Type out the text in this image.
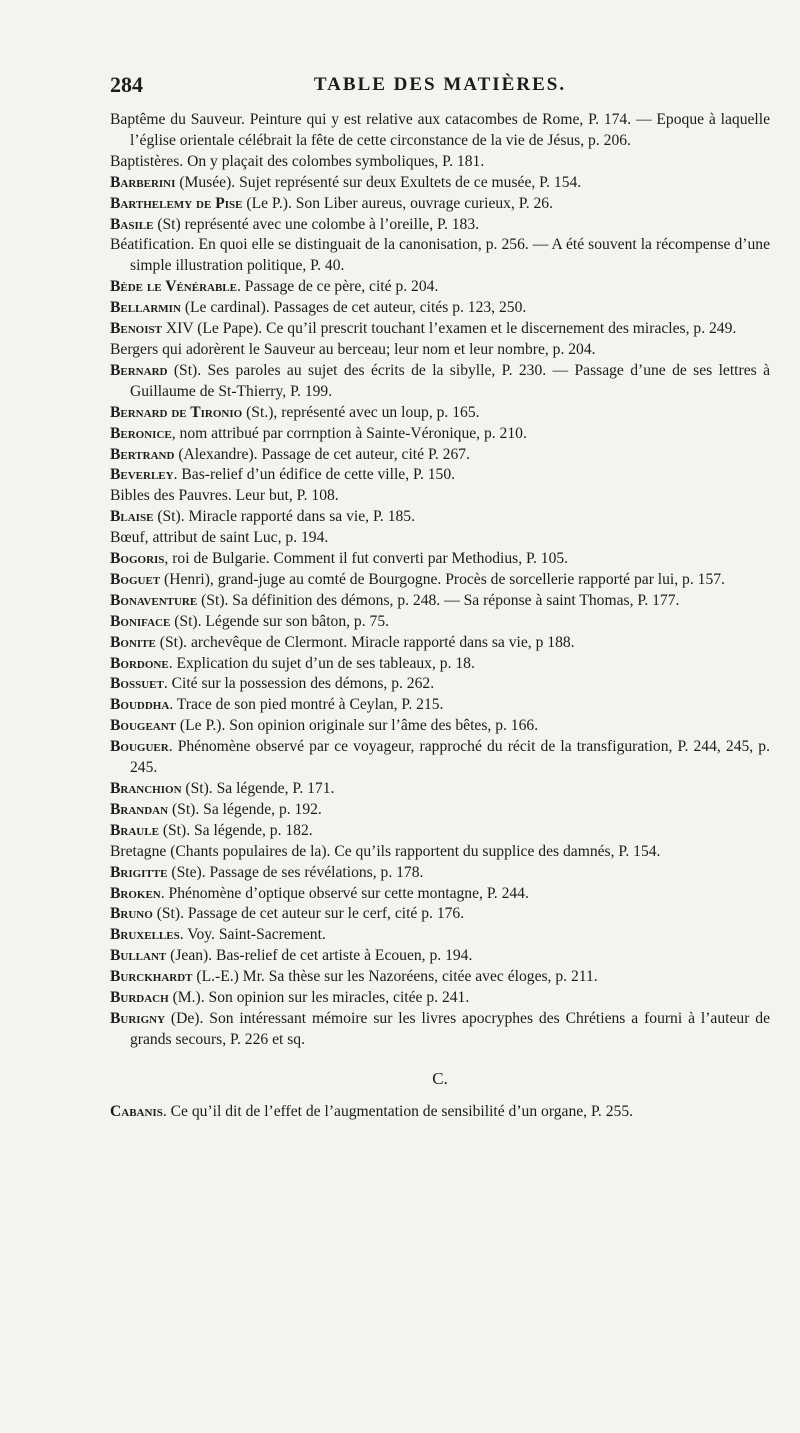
284	TABLE DES MATIÈRES.
Baptême du Sauveur. Peinture qui y est relative aux catacombes de Rome, P. 174. — Epoque à laquelle l’église orientale célébrait la fête de cette circonstance de la vie de Jésus, p. 206.
Baptistères. On y plaçait des colombes symboliques, P. 181.
Barberini (Musée). Sujet représenté sur deux Exultets de ce musée, P. 154.
Barthelemy de Pise (Le P.). Son Liber aureus, ouvrage curieux, P. 26.
Basile (St) représenté avec une colombe à l’oreille, P. 183.
Béatification. En quoi elle se distinguait de la canonisation, p. 256. — A été souvent la récompense d’une simple illustration politique, P. 40.
Bède le Vénérable. Passage de ce père, cité p. 204.
Bellarmin (Le cardinal). Passages de cet auteur, cités p. 123, 250.
Benoist XIV (Le Pape). Ce qu’il prescrit touchant l’examen et le discernement des miracles, p. 249.
Bergers qui adorèrent le Sauveur au berceau; leur nom et leur nombre, p. 204.
Bernard (St). Ses paroles au sujet des écrits de la sibylle, P. 230. — Passage d’une de ses lettres à Guillaume de St-Thierry, P. 199.
Bernard de Tironio (St.), représenté avec un loup, p. 165.
Beronice, nom attribué par corrnption à Sainte-Véronique, p. 210.
Bertrand (Alexandre). Passage de cet auteur, cité P. 267.
Beverley. Bas-relief d’un édifice de cette ville, P. 150.
Bibles des Pauvres. Leur but, P. 108.
Blaise (St). Miracle rapporté dans sa vie, P. 185.
Bœuf, attribut de saint Luc, p. 194.
Bogoris, roi de Bulgarie. Comment il fut converti par Methodius, P. 105.
Boguet (Henri), grand-juge au comté de Bourgogne. Procès de sorcellerie rapporté par lui, p. 157.
Bonaventure (St). Sa définition des démons, p. 248. — Sa réponse à saint Thomas, P. 177.
Boniface (St). Légende sur son bâton, p. 75.
Bonite (St). archevêque de Clermont. Miracle rapporté dans sa vie, p 188.
Bordone. Explication du sujet d’un de ses tableaux, p. 18.
Bossuet. Cité sur la possession des démons, p. 262.
Bouddha. Trace de son pied montré à Ceylan, P. 215.
Bougeant (Le P.). Son opinion originale sur l’âme des bêtes, p. 166.
Bouguer. Phénomène observé par ce voyageur, rapproché du récit de la transfiguration, P. 244, 245, p. 245.
Branchion (St). Sa légende, P. 171.
Brandan (St). Sa légende, p. 192.
Braule (St). Sa légende, p. 182.
Bretagne (Chants populaires de la). Ce qu’ils rapportent du supplice des damnés, P. 154.
Brigitte (Ste). Passage de ses révélations, p. 178.
Broken. Phénomène d’optique observé sur cette montagne, P. 244.
Bruno (St). Passage de cet auteur sur le cerf, cité p. 176.
Bruxelles. Voy. Saint-Sacrement.
Bullant (Jean). Bas-relief de cet artiste à Ecouen, p. 194.
Burckhardt (L.-E.) Mr. Sa thèse sur les Nazoréens, citée avec éloges, p. 211.
Burdach (M.). Son opinion sur les miracles, citée p. 241.
Burigny (De). Son intéressant mémoire sur les livres apocryphes des Chrétiens a fourni à l’auteur de grands secours, P. 226 et sq.
C.
Cabanis. Ce qu’il dit de l’effet de l’augmentation de sensibilité d’un organe, P. 255.
